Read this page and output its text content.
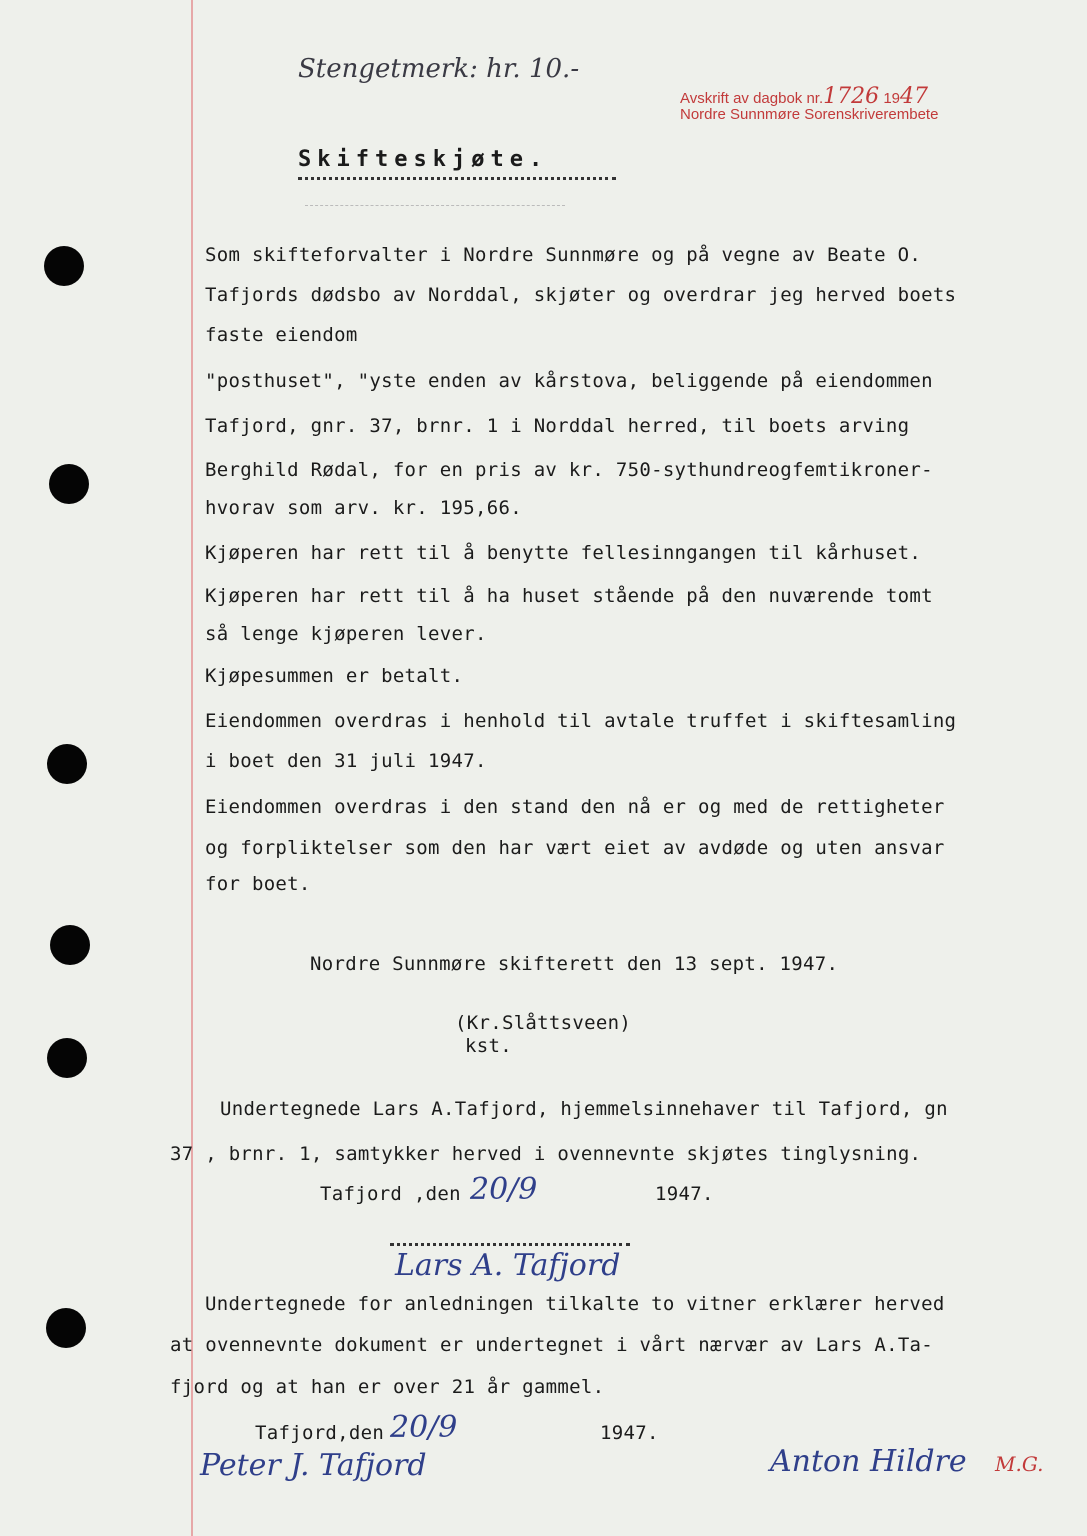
Stengetmerk: hr. 10.-
Avskrift av dagbok nr.1726 1947
Nordre Sunnmøre Sorenskriverembete
Skifteskjøte.
Som skifteforvalter i Nordre Sunnmøre og på vegne av Beate O.
Tafjords dødsbo av Norddal, skjøter og overdrar jeg herved boets
faste eiendom
"posthuset", "yste enden av kårstova, beliggende på eiendommen
Tafjord, gnr. 37, brnr. 1 i Norddal herred, til boets arving
Berghild Rødal, for en pris av kr. 750-sythundreogfemtikroner-
hvorav som arv. kr. 195,66.
Kjøperen har rett til å benytte fellesinngangen til kårhuset.
Kjøperen har rett til å ha huset stående på den nuværende tomt
så lenge kjøperen lever.
Kjøpesummen er betalt.
Eiendommen overdras i henhold til avtale truffet i skiftesamling
i boet den 31 juli 1947.
Eiendommen overdras i den stand den nå er og med de rettigheter
og forpliktelser som den har vært eiet av avdøde og uten ansvar
for boet.
Nordre Sunnmøre skifterett den 13 sept. 1947.
(Kr.Slåttsveen)
kst.
Undertegnede Lars A.Tafjord, hjemmelsinnehaver til Tafjord, gn
37 , brnr. 1, samtykker herved i ovennevnte skjøtes tinglysning.
Tafjord ,den 20/9	1947.
Lars A. Tafjord
Undertegnede for anledningen tilkalte to vitner erklærer herved
at ovennevnte dokument er undertegnet i vårt nærvær av Lars A.Ta-
fjord og at han er over 21 år gammel.
Tafjord,den 20/9	1947.
Peter J. Tafjord	Anton Hildre M.G.
